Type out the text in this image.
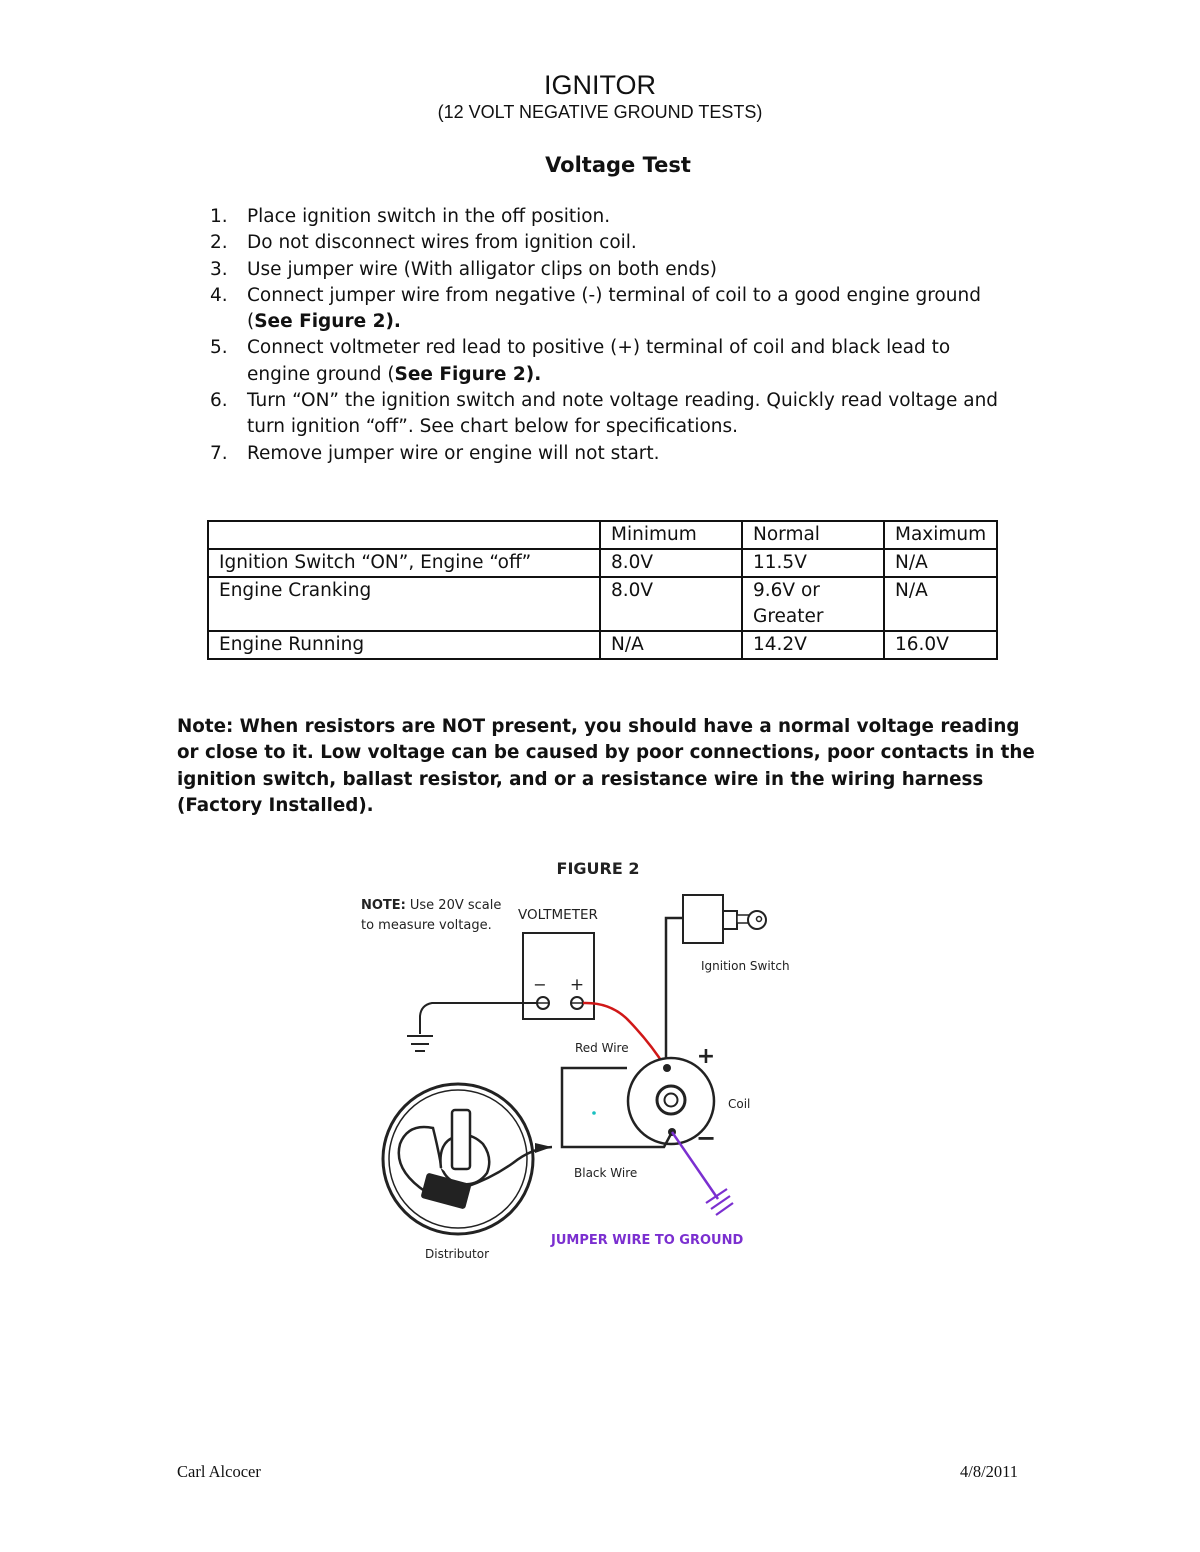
IGNITOR
(12 VOLT NEGATIVE GROUND TESTS)
Voltage Test
1. Place ignition switch in the off position.
2. Do not disconnect wires from ignition coil.
3. Use jumper wire (With alligator clips on both ends)
4. Connect jumper wire from negative (-) terminal of coil to a good engine ground (See Figure 2).
5. Connect voltmeter red lead to positive (+) terminal of coil and black lead to engine ground (See Figure 2).
6. Turn “ON” the ignition switch and note voltage reading. Quickly read voltage and turn ignition “off”. See chart below for specifications.
7. Remove jumper wire or engine will not start.
	Minimum	Normal	Maximum
Ignition Switch “ON”, Engine “off”	8.0V	11.5V	N/A
Engine Cranking	8.0V	9.6V or Greater	N/A
Engine Running	N/A	14.2V	16.0V
Note: When resistors are NOT present, you should have a normal voltage reading or close to it. Low voltage can be caused by poor connections, poor contacts in the ignition switch, ballast resistor, and or a resistance wire in the wiring harness (Factory Installed).
FIGURE 2
NOTE: Use 20V scale
to measure voltage.
VOLTMETER
− +
Red Wire
Ignition Switch
+
−
Coil
Black Wire
JUMPER WIRE TO GROUND
Distributor
Carl Alcocer	4/8/2011
